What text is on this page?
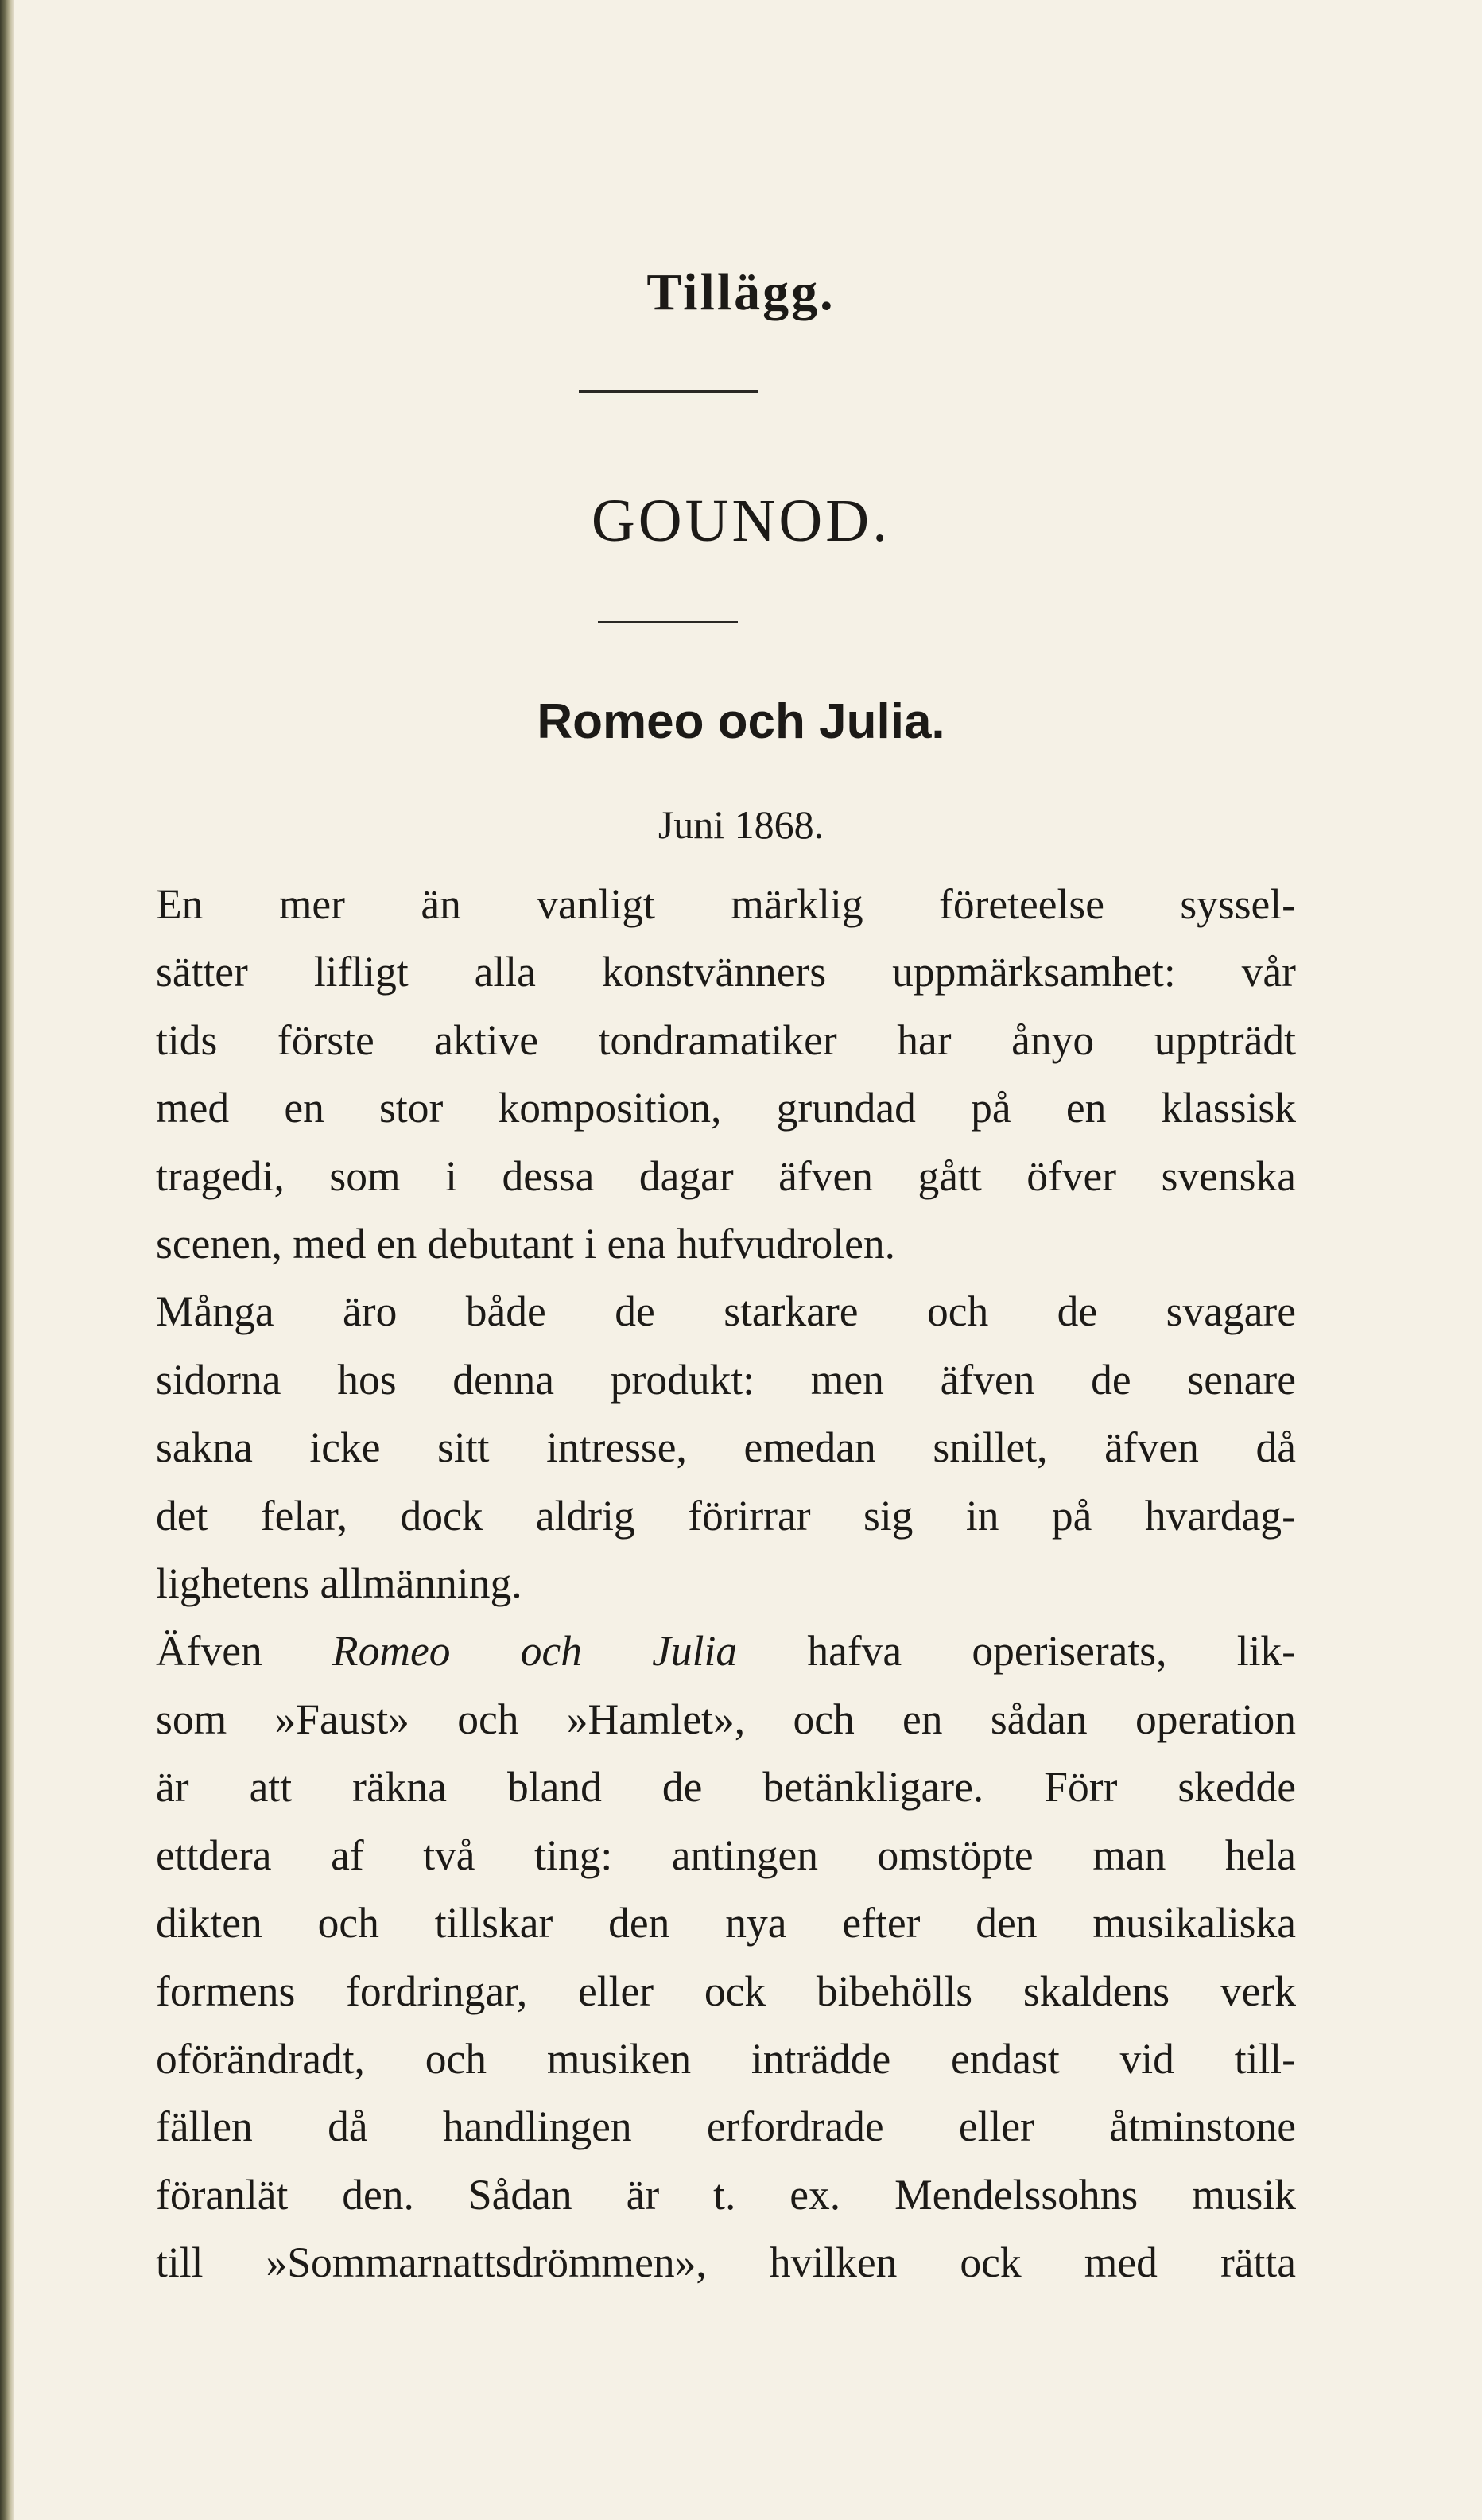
Tillägg.
GOUNOD.
Romeo och Julia.
Juni 1868.

En mer än vanligt märklig företeelse syssel-
sätter lifligt alla konstvänners uppmärksamhet: vår
tids förste aktive tondramatiker har ånyo uppträdt
med en stor komposition, grundad på en klassisk
tragedi, som i dessa dagar äfven gått öfver svenska
scenen, med en debutant i ena hufvudrolen.

Många äro både de starkare och de svagare
sidorna hos denna produkt: men äfven de senare
sakna icke sitt intresse, emedan snillet, äfven då
det felar, dock aldrig förirrar sig in på hvardag-
lighetens allmänning.

Äfven Romeo och Julia hafva operiserats, lik-
som »Faust» och »Hamlet», och en sådan operation
är att räkna bland de betänkligare. Förr skedde
ettdera af två ting: antingen omstöpte man hela
dikten och tillskar den nya efter den musikaliska
formens fordringar, eller ock bibehölls skaldens verk
oförändradt, och musiken inträdde endast vid till-
fällen då handlingen erfordrade eller åtminstone
föranlät den. Sådan är t. ex. Mendelssohns musik
till »Sommarnattsdrömmen», hvilken ock med rätta
